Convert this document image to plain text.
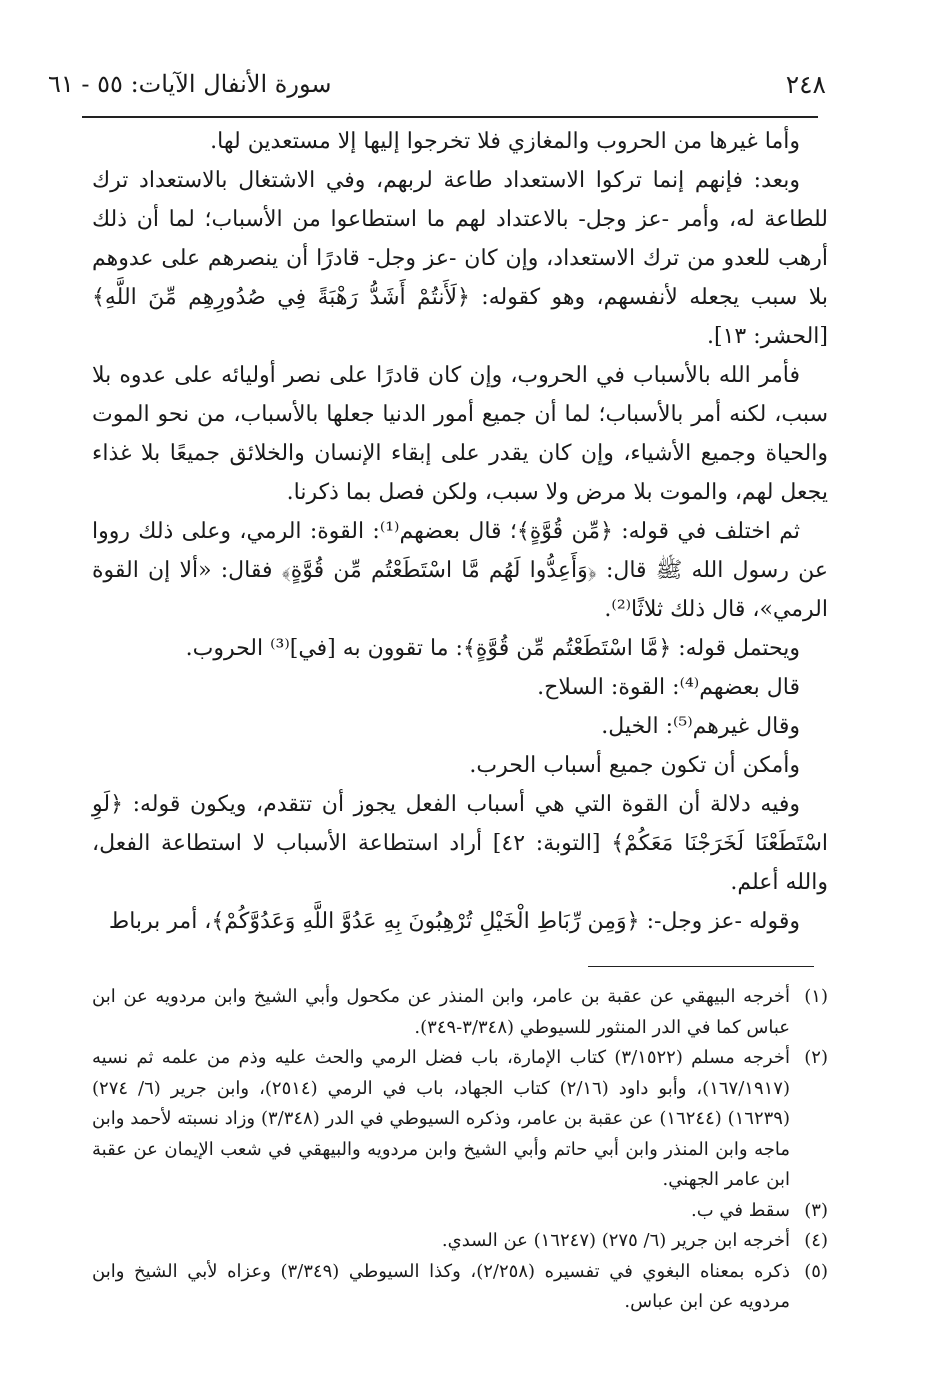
٢٤٨
سورة الأنفال الآيات: ٥٥ - ٦١

وأما غيرها من الحروب والمغازي فلا تخرجوا إليها إلا مستعدين لها.

وبعد: فإنهم إنما تركوا الاستعداد طاعة لربهم، وفي الاشتغال بالاستعداد ترك للطاعة له، وأمر -عز وجل- بالاعتداد لهم ما استطاعوا من الأسباب؛ لما أن ذلك أرهب للعدو من ترك الاستعداد، وإن كان -عز وجل- قادرًا أن ينصرهم على عدوهم بلا سبب يجعله لأنفسهم، وهو كقوله: ﴿لَأَنتُمْ أَشَدُّ رَهْبَةً فِي صُدُورِهِم مِّنَ اللَّهِ﴾ [الحشر: ١٣].

فأمر الله بالأسباب في الحروب، وإن كان قادرًا على نصر أوليائه على عدوه بلا سبب، لكنه أمر بالأسباب؛ لما أن جميع أمور الدنيا جعلها بالأسباب، من نحو الموت والحياة وجميع الأشياء، وإن كان يقدر على إبقاء الإنسان والخلائق جميعًا بلا غذاء يجعل لهم، والموت بلا مرض ولا سبب، ولكن فصل بما ذكرنا.

ثم اختلف في قوله: ﴿مِّن قُوَّةٍ﴾؛ قال بعضهم⁽¹⁾: القوة: الرمي، وعلى ذلك رووا عن رسول الله ﷺ قال: ﴿وَأَعِدُّوا لَهُم مَّا اسْتَطَعْتُم مِّن قُوَّةٍ﴾ فقال: «ألا إن القوة الرمي»، قال ذلك ثلاثًا⁽²⁾.

ويحتمل قوله: ﴿مَّا اسْتَطَعْتُم مِّن قُوَّةٍ﴾: ما تقوون به [في]⁽³⁾ الحروب.

قال بعضهم⁽⁴⁾: القوة: السلاح.

وقال غيرهم⁽⁵⁾: الخيل.

وأمكن أن تكون جميع أسباب الحرب.

وفيه دلالة أن القوة التي هي أسباب الفعل يجوز أن تتقدم، ويكون قوله: ﴿لَوِ اسْتَطَعْنَا لَخَرَجْنَا مَعَكُمْ﴾ [التوبة: ٤٢] أراد استطاعة الأسباب لا استطاعة الفعل، والله أعلم.

وقوله -عز وجل-: ﴿وَمِن رِّبَاطِ الْخَيْلِ تُرْهِبُونَ بِهِ عَدُوَّ اللَّهِ وَعَدُوَّكُمْ﴾، أمر برباط

(١)
أخرجه البيهقي عن عقبة بن عامر، وابن المنذر عن مكحول وأبي الشيخ وابن مردويه عن ابن عباس كما في الدر المنثور للسيوطي (٣/٣٤٨-٣٤٩).
(٢)
أخرجه مسلم (٣/١٥٢٢) كتاب الإمارة، باب فضل الرمي والحث عليه وذم من علمه ثم نسيه (١٦٧/١٩١٧)، وأبو داود (٢/١٦) كتاب الجهاد، باب في الرمي (٢٥١٤)، وابن جرير (٦/ ٢٧٤) (١٦٢٣٩) (١٦٢٤٤) عن عقبة بن عامر، وذكره السيوطي في الدر (٣/٣٤٨) وزاد نسبته لأحمد وابن ماجه وابن المنذر وابن أبي حاتم وأبي الشيخ وابن مردويه والبيهقي في شعب الإيمان عن عقبة ابن عامر الجهني.
(٣)
سقط في ب.
(٤)
أخرجه ابن جرير (٦/ ٢٧٥) (١٦٢٤٧) عن السدي.
(٥)
ذكره بمعناه البغوي في تفسيره (٢/٢٥٨)، وكذا السيوطي (٣/٣٤٩) وعزاه لأبي الشيخ وابن مردويه عن ابن عباس.
